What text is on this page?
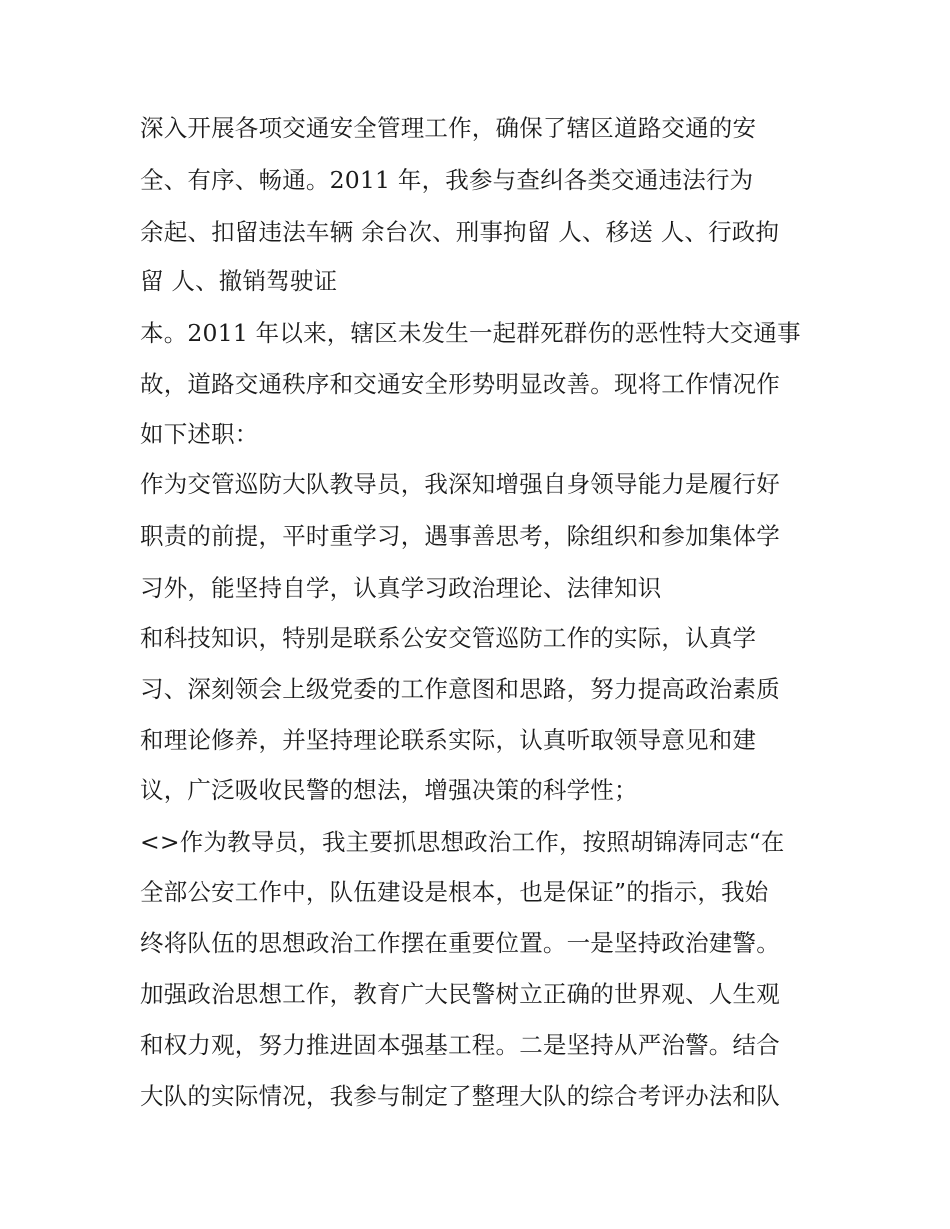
深入开展各项交通安全管理工作，确保了辖区道路交通的安
全、有序、畅通。2011 年，我参与查纠各类交通违法行为
余起、扣留违法车辆 余台次、刑事拘留 人、移送 人、行政拘
留 人、撤销驾驶证
本。2011 年以来，辖区未发生一起群死群伤的恶性特大交通事
故，道路交通秩序和交通安全形势明显改善。现将工作情况作
如下述职：
作为交管巡防大队教导员，我深知增强自身领导能力是履行好
职责的前提，平时重学习，遇事善思考，除组织和参加集体学
习外，能坚持自学，认真学习政治理论、法律知识
和科技知识，特别是联系公安交管巡防工作的实际，认真学
习、深刻领会上级党委的工作意图和思路，努力提高政治素质
和理论修养，并坚持理论联系实际，认真听取领导意见和建
议，广泛吸收民警的想法，增强决策的科学性；
<>作为教导员，我主要抓思想政治工作，按照胡锦涛同志“在
全部公安工作中，队伍建设是根本，也是保证”的指示，我始
终将队伍的思想政治工作摆在重要位置。一是坚持政治建警。
加强政治思想工作，教育广大民警树立正确的世界观、人生观
和权力观，努力推进固本强基工程。二是坚持从严治警。结合
大队的实际情况，我参与制定了整理大队的综合考评办法和队
